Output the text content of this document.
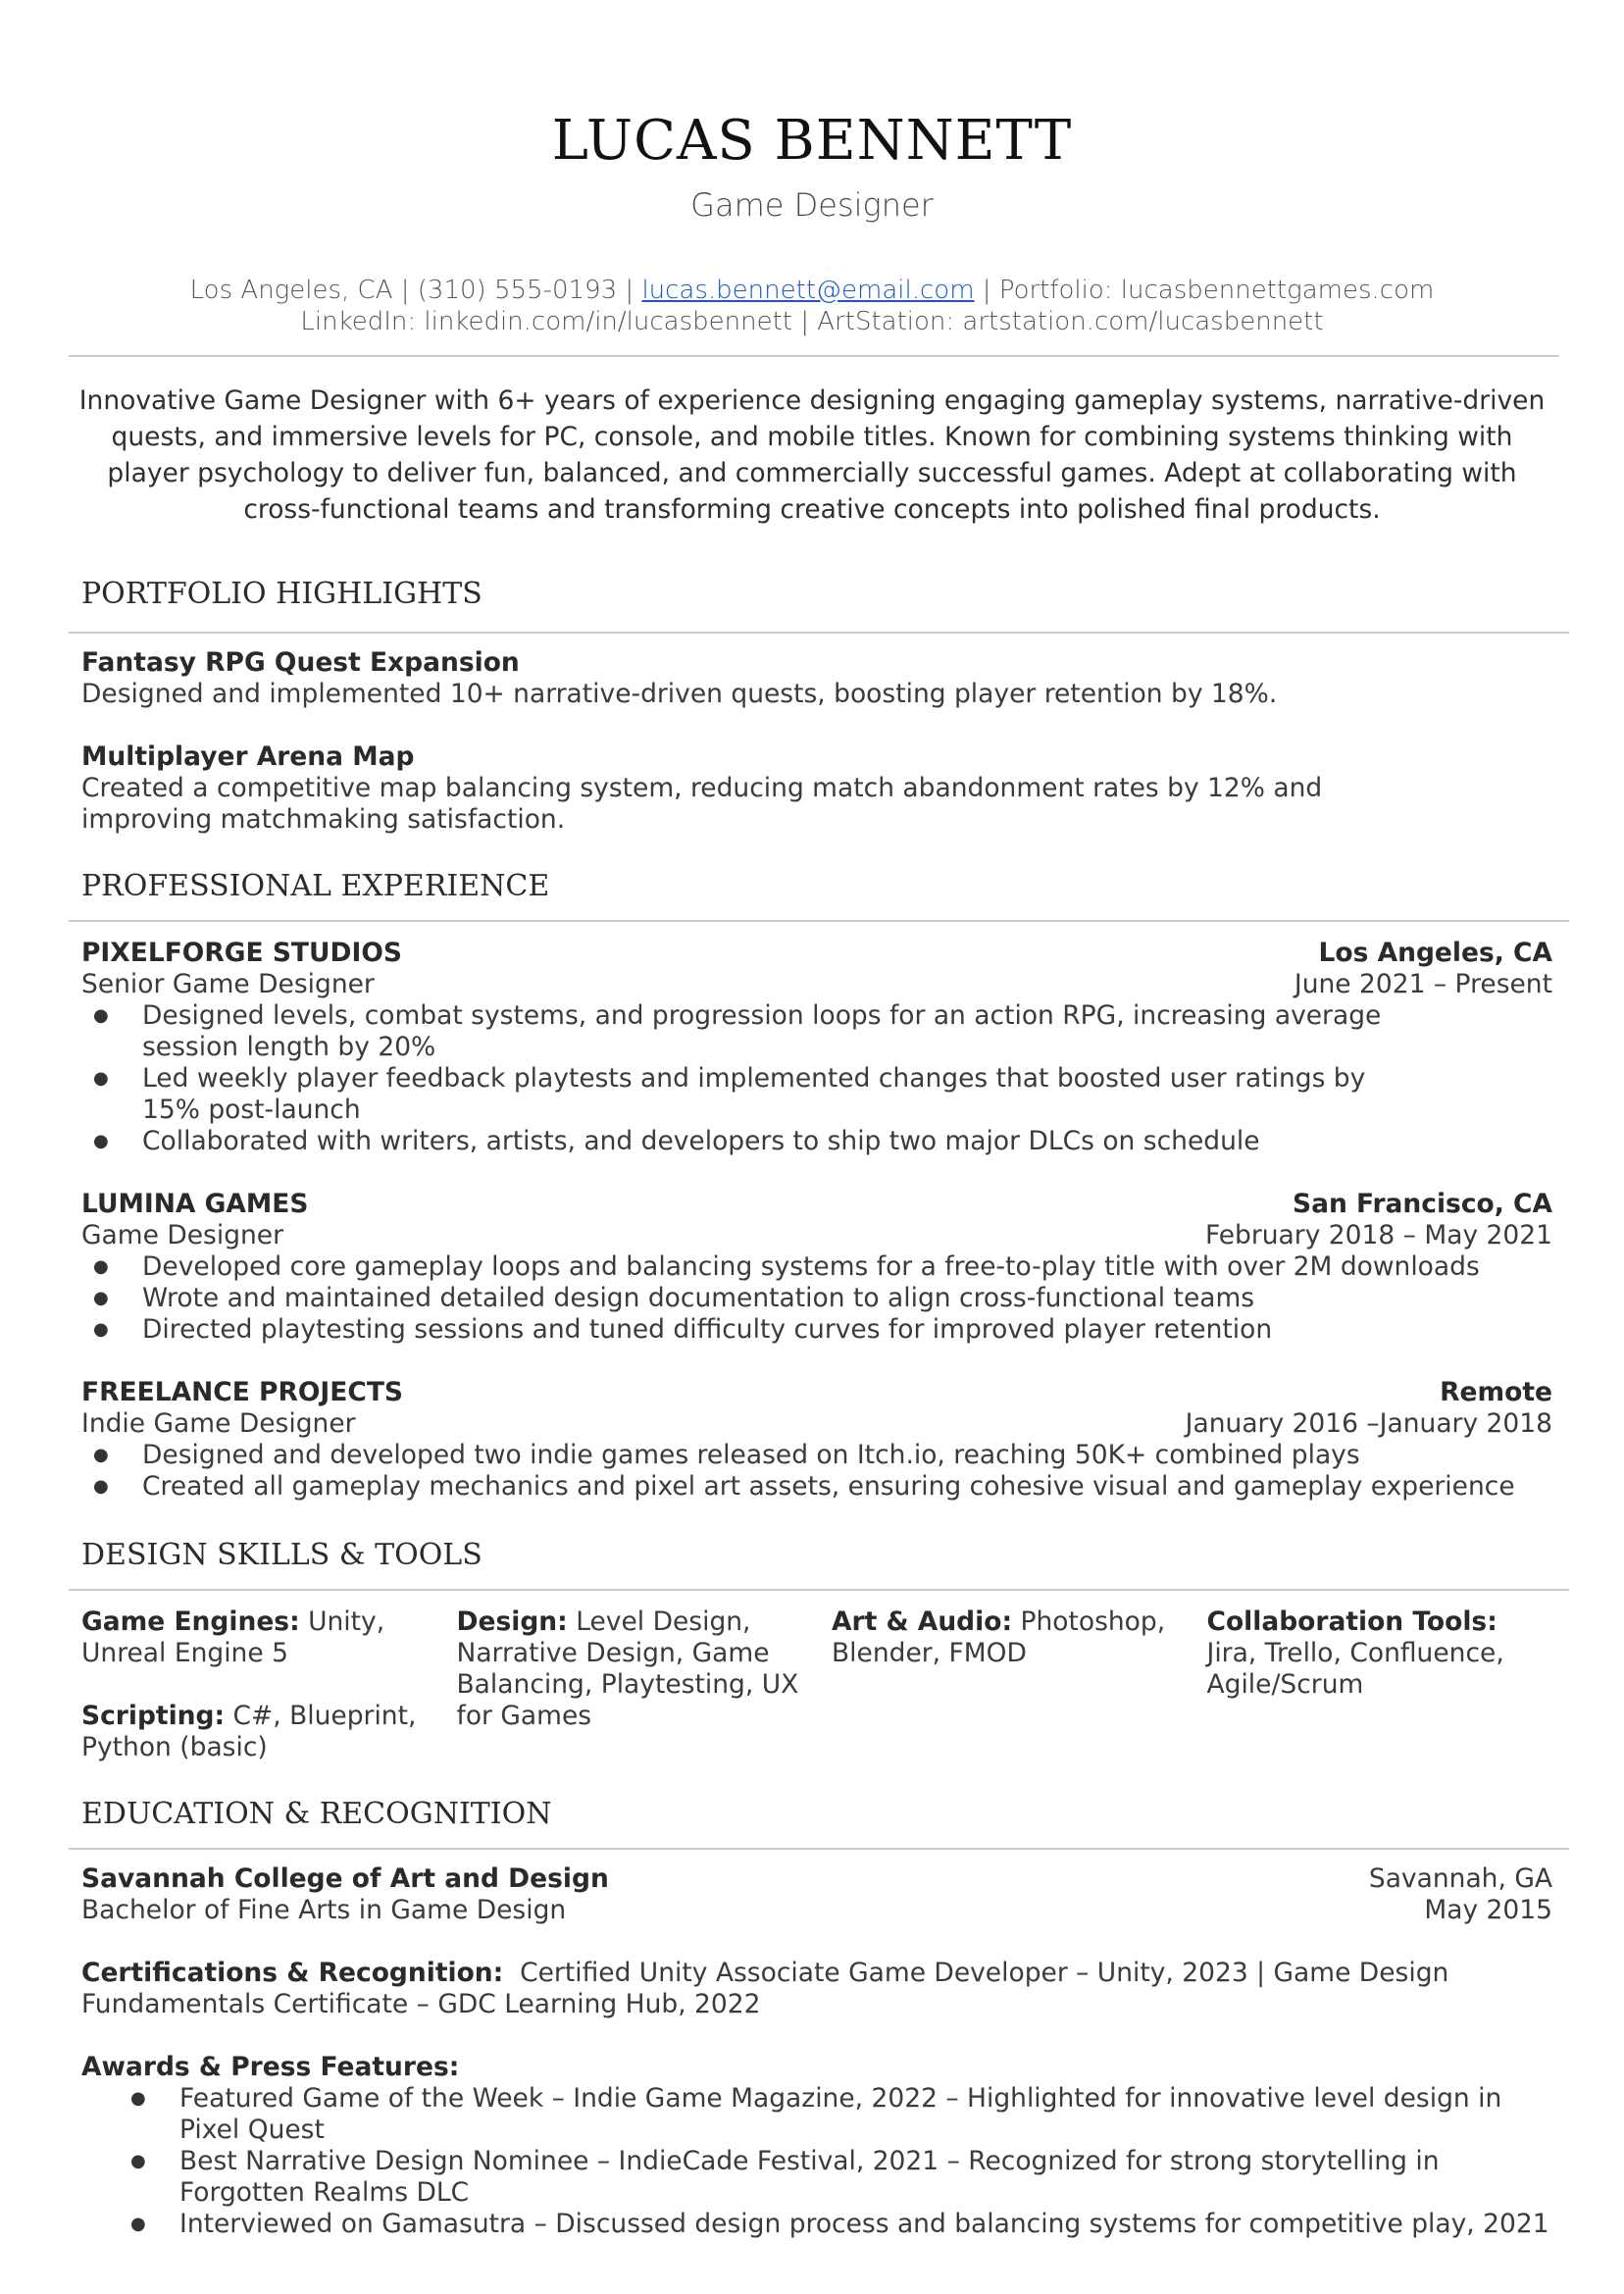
LUCAS BENNETT
Game Designer
Los Angeles, CA | (310) 555-0193 | lucas.bennett@email.com | Portfolio: lucasbennettgames.com
LinkedIn: linkedin.com/in/lucasbennett | ArtStation: artstation.com/lucasbennett
Innovative Game Designer with 6+ years of experience designing engaging gameplay systems, narrative-driven quests, and immersive levels for PC, console, and mobile titles. Known for combining systems thinking with player psychology to deliver fun, balanced, and commercially successful games. Adept at collaborating with cross-functional teams and transforming creative concepts into polished final products.
PORTFOLIO HIGHLIGHTS
Fantasy RPG Quest Expansion
Designed and implemented 10+ narrative-driven quests, boosting player retention by 18%.
Multiplayer Arena Map
Created a competitive map balancing system, reducing match abandonment rates by 12% and improving matchmaking satisfaction.
PROFESSIONAL EXPERIENCE
PIXELFORGE STUDIOS	Los Angeles, CA
Senior Game Designer	June 2021 – Present
● Designed levels, combat systems, and progression loops for an action RPG, increasing average session length by 20%
● Led weekly player feedback playtests and implemented changes that boosted user ratings by 15% post-launch
● Collaborated with writers, artists, and developers to ship two major DLCs on schedule
LUMINA GAMES	San Francisco, CA
Game Designer	February 2018 – May 2021
● Developed core gameplay loops and balancing systems for a free-to-play title with over 2M downloads
● Wrote and maintained detailed design documentation to align cross-functional teams
● Directed playtesting sessions and tuned difficulty curves for improved player retention
FREELANCE PROJECTS	Remote
Indie Game Designer	January 2016 –January 2018
● Designed and developed two indie games released on Itch.io, reaching 50K+ combined plays
● Created all gameplay mechanics and pixel art assets, ensuring cohesive visual and gameplay experience
DESIGN SKILLS & TOOLS
Game Engines: Unity, Unreal Engine 5
Scripting: C#, Blueprint, Python (basic)
Design: Level Design, Narrative Design, Game Balancing, Playtesting, UX for Games
Art & Audio: Photoshop, Blender, FMOD
Collaboration Tools: Jira, Trello, Confluence, Agile/Scrum
EDUCATION & RECOGNITION
Savannah College of Art and Design	Savannah, GA
Bachelor of Fine Arts in Game Design	May 2015
Certifications & Recognition:  Certified Unity Associate Game Developer – Unity, 2023 | Game Design Fundamentals Certificate – GDC Learning Hub, 2022
Awards & Press Features:
● Featured Game of the Week – Indie Game Magazine, 2022 – Highlighted for innovative level design in Pixel Quest
● Best Narrative Design Nominee – IndieCade Festival, 2021 – Recognized for strong storytelling in Forgotten Realms DLC
● Interviewed on Gamasutra – Discussed design process and balancing systems for competitive play, 2021
